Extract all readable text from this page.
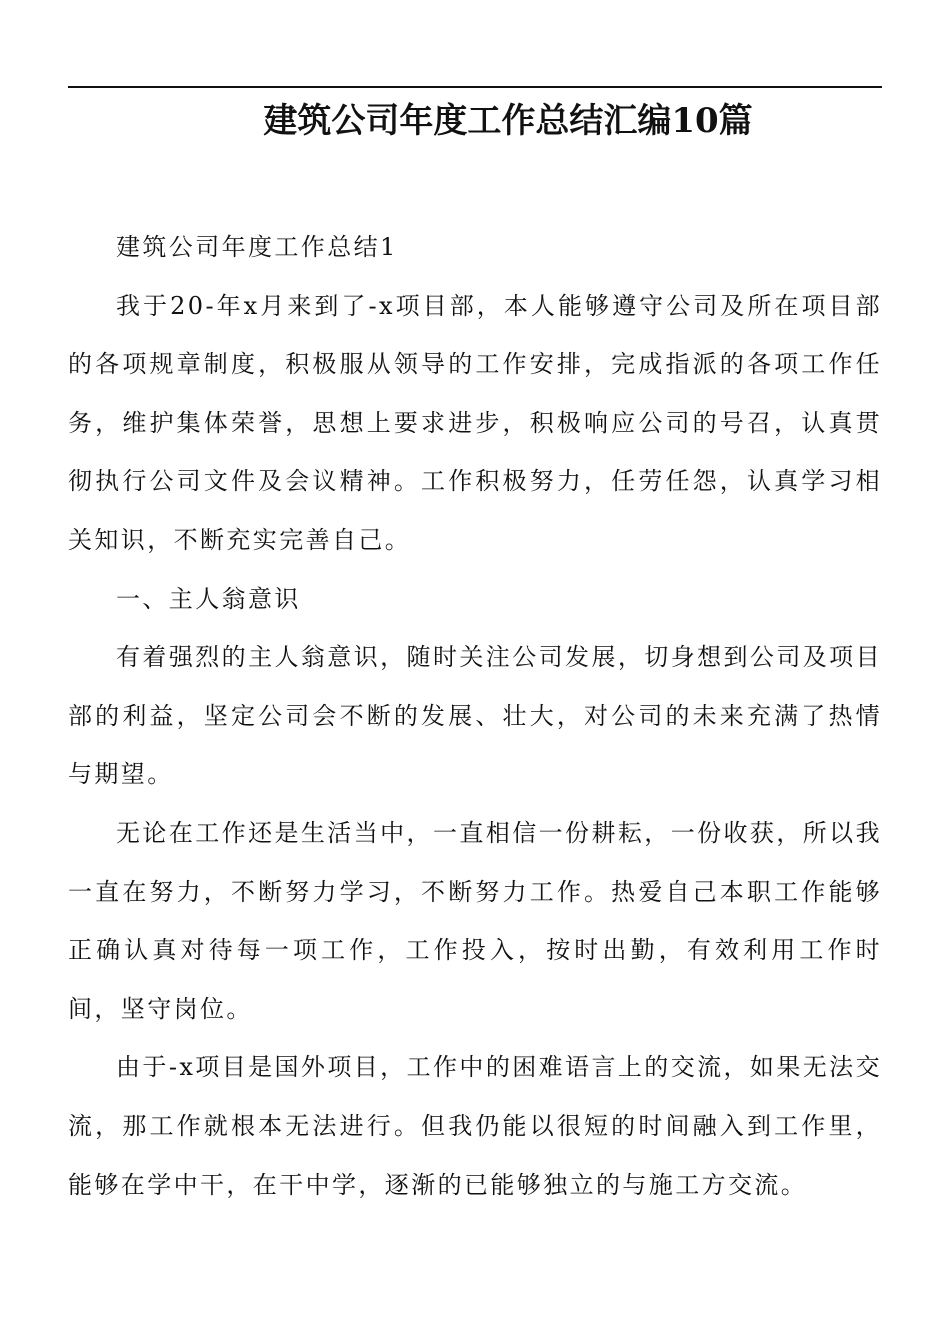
建筑公司年度工作总结汇编10篇

建筑公司年度工作总结1

我于20-年x月来到了-x项目部，本人能够遵守公司及所在项目部的各项规章制度，积极服从领导的工作安排，完成指派的各项工作任务，维护集体荣誉，思想上要求进步，积极响应公司的号召，认真贯彻执行公司文件及会议精神。工作积极努力，任劳任怨，认真学习相关知识，不断充实完善自己。

一、主人翁意识

有着强烈的主人翁意识，随时关注公司发展，切身想到公司及项目部的利益，坚定公司会不断的发展、壮大，对公司的未来充满了热情与期望。

无论在工作还是生活当中，一直相信一份耕耘，一份收获，所以我一直在努力，不断努力学习，不断努力工作。热爱自己本职工作能够正确认真对待每一项工作，工作投入，按时出勤，有效利用工作时间，坚守岗位。

由于-x项目是国外项目，工作中的困难语言上的交流，如果无法交流，那工作就根本无法进行。但我仍能以很短的时间融入到工作里，能够在学中干，在干中学，逐渐的已能够独立的与施工方交流。
